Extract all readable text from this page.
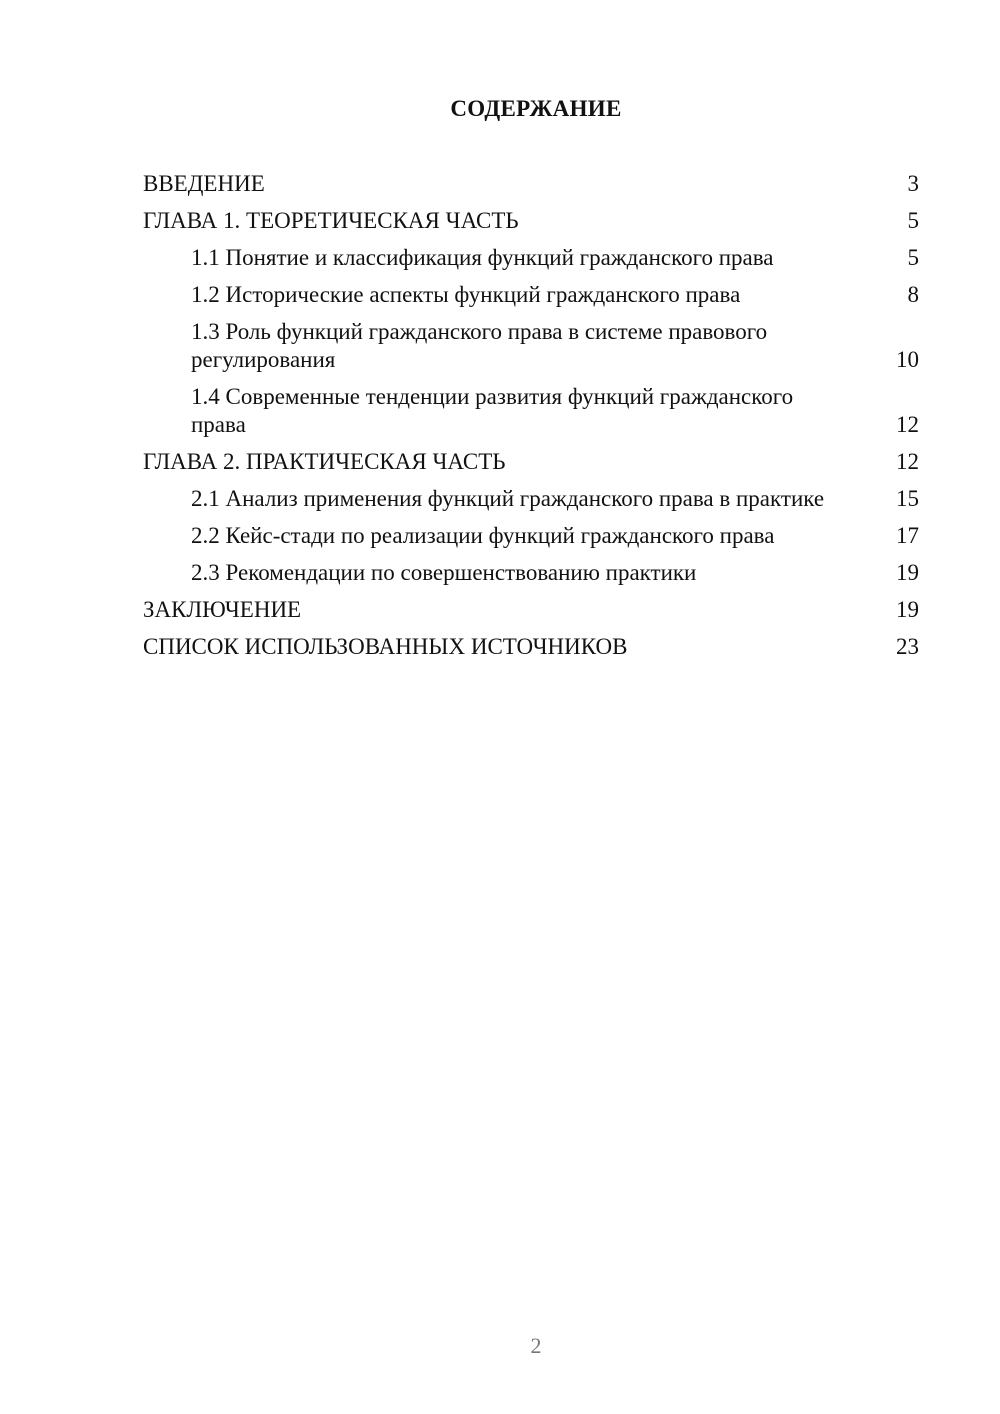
СОДЕРЖАНИЕ
ВВЕДЕНИЕ	3
ГЛАВА 1. ТЕОРЕТИЧЕСКАЯ ЧАСТЬ	5
1.1 Понятие и классификация функций гражданского права	5
1.2 Исторические аспекты функций гражданского права	8
1.3 Роль функций гражданского права в системе правового регулирования	10
1.4 Современные тенденции развития функций гражданского права	12
ГЛАВА 2. ПРАКТИЧЕСКАЯ ЧАСТЬ	12
2.1 Анализ применения функций гражданского права в практике	15
2.2 Кейс-стади по реализации функций гражданского права	17
2.3 Рекомендации по совершенствованию практики	19
ЗАКЛЮЧЕНИЕ	19
СПИСОК ИСПОЛЬЗОВАННЫХ ИСТОЧНИКОВ	23
2
